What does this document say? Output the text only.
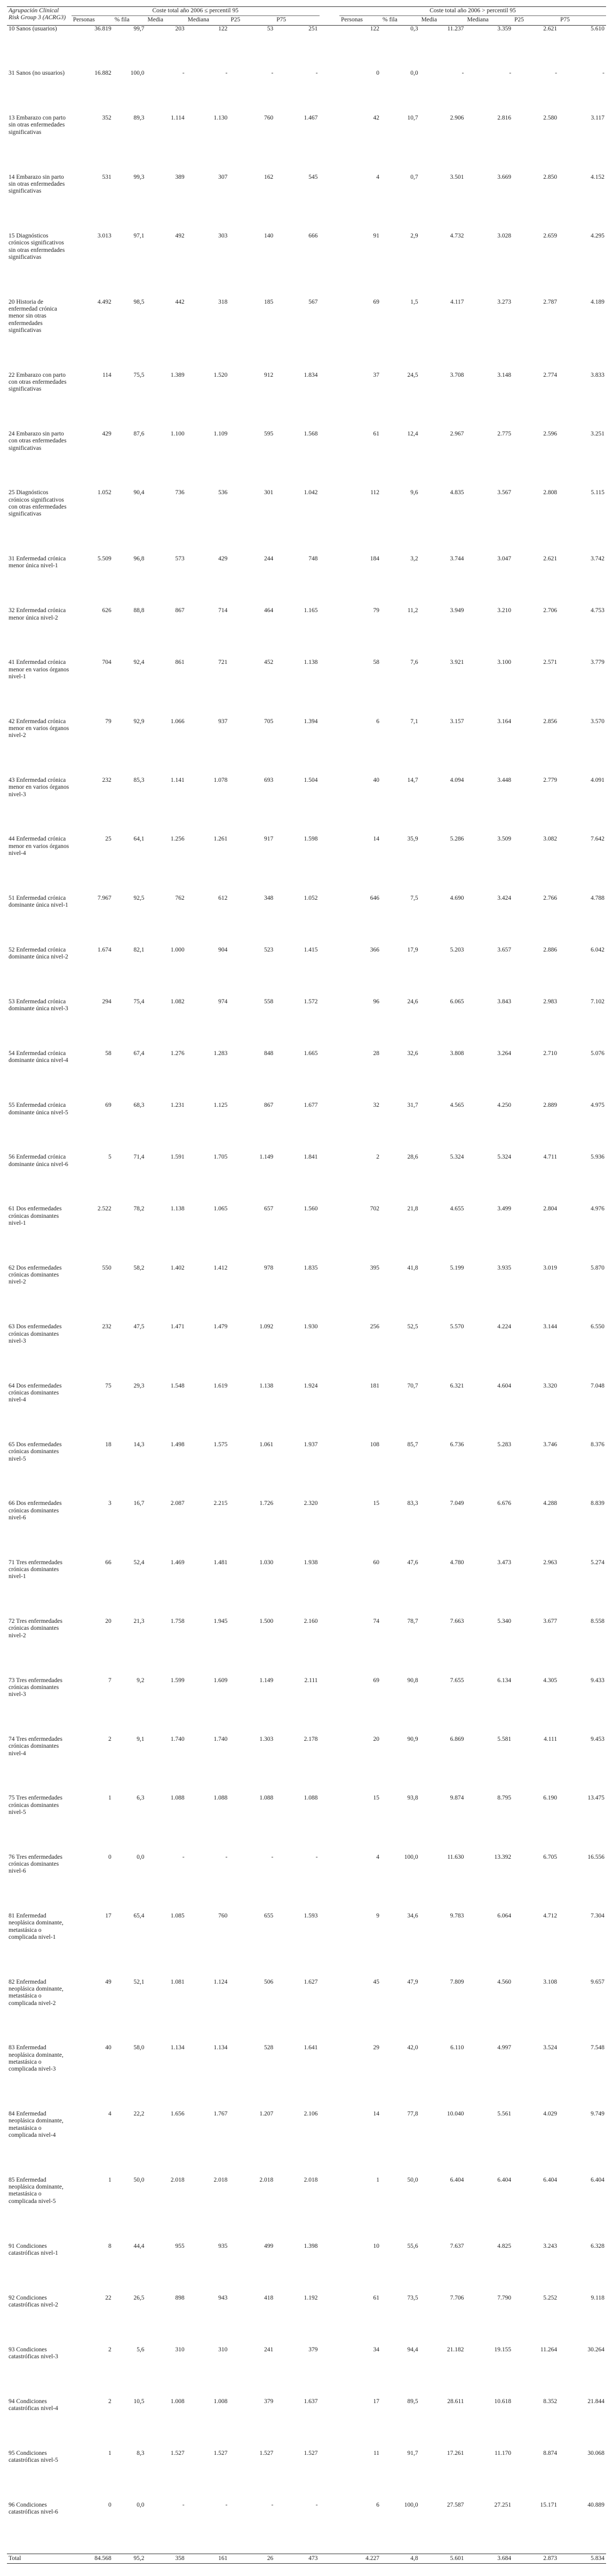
Agrupación Clinical Risk Group 3 (ACRG3)	Coste total año 2006 ≤ percentil 95							Coste total año 2006 > percentil 95					
	Personas	% fila	Media	Mediana	P25	P75		Personas	% fila	Media	Mediana	P25	P75
10 Sanos (usuarios)	36.819	99,7	203	122	53	251		122	0,3	11.237	3.359	2.621	5.610
31 Sanos (no usuarios)	16.882	100,0	-	-	-	-		0	0,0	-	-	-	-
13 Embarazo con parto sin otras enfermedades significativas	352	89,3	1.114	1.130	760	1.467		42	10,7	2.906	2.816	2.580	3.117
14 Embarazo sin parto sin otras enfermedades significativas	531	99,3	389	307	162	545		4	0,7	3.501	3.669	2.850	4.152
15 Diagnósticos crónicos significativos sin otras enfermedades significativas	3.013	97,1	492	303	140	666		91	2,9	4.732	3.028	2.659	4.295
20 Historia de enfermedad crónica menor sin otras enfermedades significativas	4.492	98,5	442	318	185	567		69	1,5	4.117	3.273	2.787	4.189
22 Embarazo con parto con otras enfermedades significativas	114	75,5	1.389	1.520	912	1.834		37	24,5	3.708	3.148	2.774	3.833
24 Embarazo sin parto con otras enfermedades significativas	429	87,6	1.100	1.109	595	1.568		61	12,4	2.967	2.775	2.596	3.251
25 Diagnósticos crónicos significativos con otras enfermedades significativas	1.052	90,4	736	536	301	1.042		112	9,6	4.835	3.567	2.808	5.115
31 Enfermedad crónica menor única nivel-1	5.509	96,8	573	429	244	748		184	3,2	3.744	3.047	2.621	3.742
32 Enfermedad crónica menor única nivel-2	626	88,8	867	714	464	1.165		79	11,2	3.949	3.210	2.706	4.753
41 Enfermedad crónica menor en varios órganos nivel-1	704	92,4	861	721	452	1.138		58	7,6	3.921	3.100	2.571	3.779
42 Enfermedad crónica menor en varios órganos nivel-2	79	92,9	1.066	937	705	1.394		6	7,1	3.157	3.164	2.856	3.570
43 Enfermedad crónica menor en varios órganos nivel-3	232	85,3	1.141	1.078	693	1.504		40	14,7	4.094	3.448	2.779	4.091
44 Enfermedad crónica menor en varios órganos nivel-4	25	64,1	1.256	1.261	917	1.598		14	35,9	5.286	3.509	3.082	7.642
51 Enfermedad crónica dominante única nivel-1	7.967	92,5	762	612	348	1.052		646	7,5	4.690	3.424	2.766	4.788
52 Enfermedad crónica dominante única nivel-2	1.674	82,1	1.000	904	523	1.415		366	17,9	5.203	3.657	2.886	6.042
53 Enfermedad crónica dominante única nivel-3	294	75,4	1.082	974	558	1.572		96	24,6	6.065	3.843	2.983	7.102
54 Enfermedad crónica dominante única nivel-4	58	67,4	1.276	1.283	848	1.665		28	32,6	3.808	3.264	2.710	5.076
55 Enfermedad crónica dominante única nivel-5	69	68,3	1.231	1.125	867	1.677		32	31,7	4.565	4.250	2.889	4.975
56 Enfermedad crónica dominante única nivel-6	5	71,4	1.591	1.705	1.149	1.841		2	28,6	5.324	5.324	4.711	5.936
61 Dos enfermedades crónicas dominantes nivel-1	2.522	78,2	1.138	1.065	657	1.560		702	21,8	4.655	3.499	2.804	4.976
62 Dos enfermedades crónicas dominantes nivel-2	550	58,2	1.402	1.412	978	1.835		395	41,8	5.199	3.935	3.019	5.870
63 Dos enfermedades crónicas dominantes nivel-3	232	47,5	1.471	1.479	1.092	1.930		256	52,5	5.570	4.224	3.144	6.550
64 Dos enfermedades crónicas dominantes nivel-4	75	29,3	1.548	1.619	1.138	1.924		181	70,7	6.321	4.604	3.320	7.048
65 Dos enfermedades crónicas dominantes nivel-5	18	14,3	1.498	1.575	1.061	1.937		108	85,7	6.736	5.283	3.746	8.376
66 Dos enfermedades crónicas dominantes nivel-6	3	16,7	2.087	2.215	1.726	2.320		15	83,3	7.049	6.676	4.288	8.839
71 Tres enfermedades crónicas dominantes nivel-1	66	52,4	1.469	1.481	1.030	1.938		60	47,6	4.780	3.473	2.963	5.274
72 Tres enfermedades crónicas dominantes nivel-2	20	21,3	1.758	1.945	1.500	2.160		74	78,7	7.663	5.340	3.677	8.558
73 Tres enfermedades crónicas dominantes nivel-3	7	9,2	1.599	1.609	1.149	2.111		69	90,8	7.655	6.134	4.305	9.433
74 Tres enfermedades crónicas dominantes nivel-4	2	9,1	1.740	1.740	1.303	2.178		20	90,9	6.869	5.581	4.111	9.453
75 Tres enfermedades crónicas dominantes nivel-5	1	6,3	1.088	1.088	1.088	1.088		15	93,8	9.874	8.795	6.190	13.475
76 Tres enfermedades crónicas dominantes nivel-6	0	0,0	-	-	-	-		4	100,0	11.630	13.392	6.705	16.556
81 Enfermedad neoplásica dominante, metastásica o complicada nivel-1	17	65,4	1.085	760	655	1.593		9	34,6	9.783	6.064	4.712	7.304
82 Enfermedad neoplásica dominante, metastásica o complicada nivel-2	49	52,1	1.081	1.124	506	1.627		45	47,9	7.809	4.560	3.108	9.657
83 Enfermedad neoplásica dominante, metastásica o complicada nivel-3	40	58,0	1.134	1.134	528	1.641		29	42,0	6.110	4.997	3.524	7.548
84 Enfermedad neoplásica dominante, metastásica o complicada nivel-4	4	22,2	1.656	1.767	1.207	2.106		14	77,8	10.040	5.561	4.029	9.749
85 Enfermedad neoplásica dominante, metastásica o complicada nivel-5	1	50,0	2.018	2.018	2.018	2.018		1	50,0	6.404	6.404	6.404	6.404
91 Condiciones catastróficas nivel-1	8	44,4	955	935	499	1.398		10	55,6	7.637	4.825	3.243	6.328
92 Condiciones catastróficas nivel-2	22	26,5	898	943	418	1.192		61	73,5	7.706	7.790	5.252	9.118
93 Condiciones catastróficas nivel-3	2	5,6	310	310	241	379		34	94,4	21.182	19.155	11.264	30.264
94 Condiciones catastróficas nivel-4	2	10,5	1.008	1.008	379	1.637		17	89,5	28.611	10.618	8.352	21.844
95 Condiciones catastróficas nivel-5	1	8,3	1.527	1.527	1.527	1.527		11	91,7	17.261	11.170	8.874	30.068
96 Condiciones catastróficas nivel-6	0	0,0	-	-	-	-		6	100,0	27.587	27.251	15.171	40.889
Total	84.568	95,2	358	161	26	473		4.227	4,8	5.601	3.684	2.873	5.834
